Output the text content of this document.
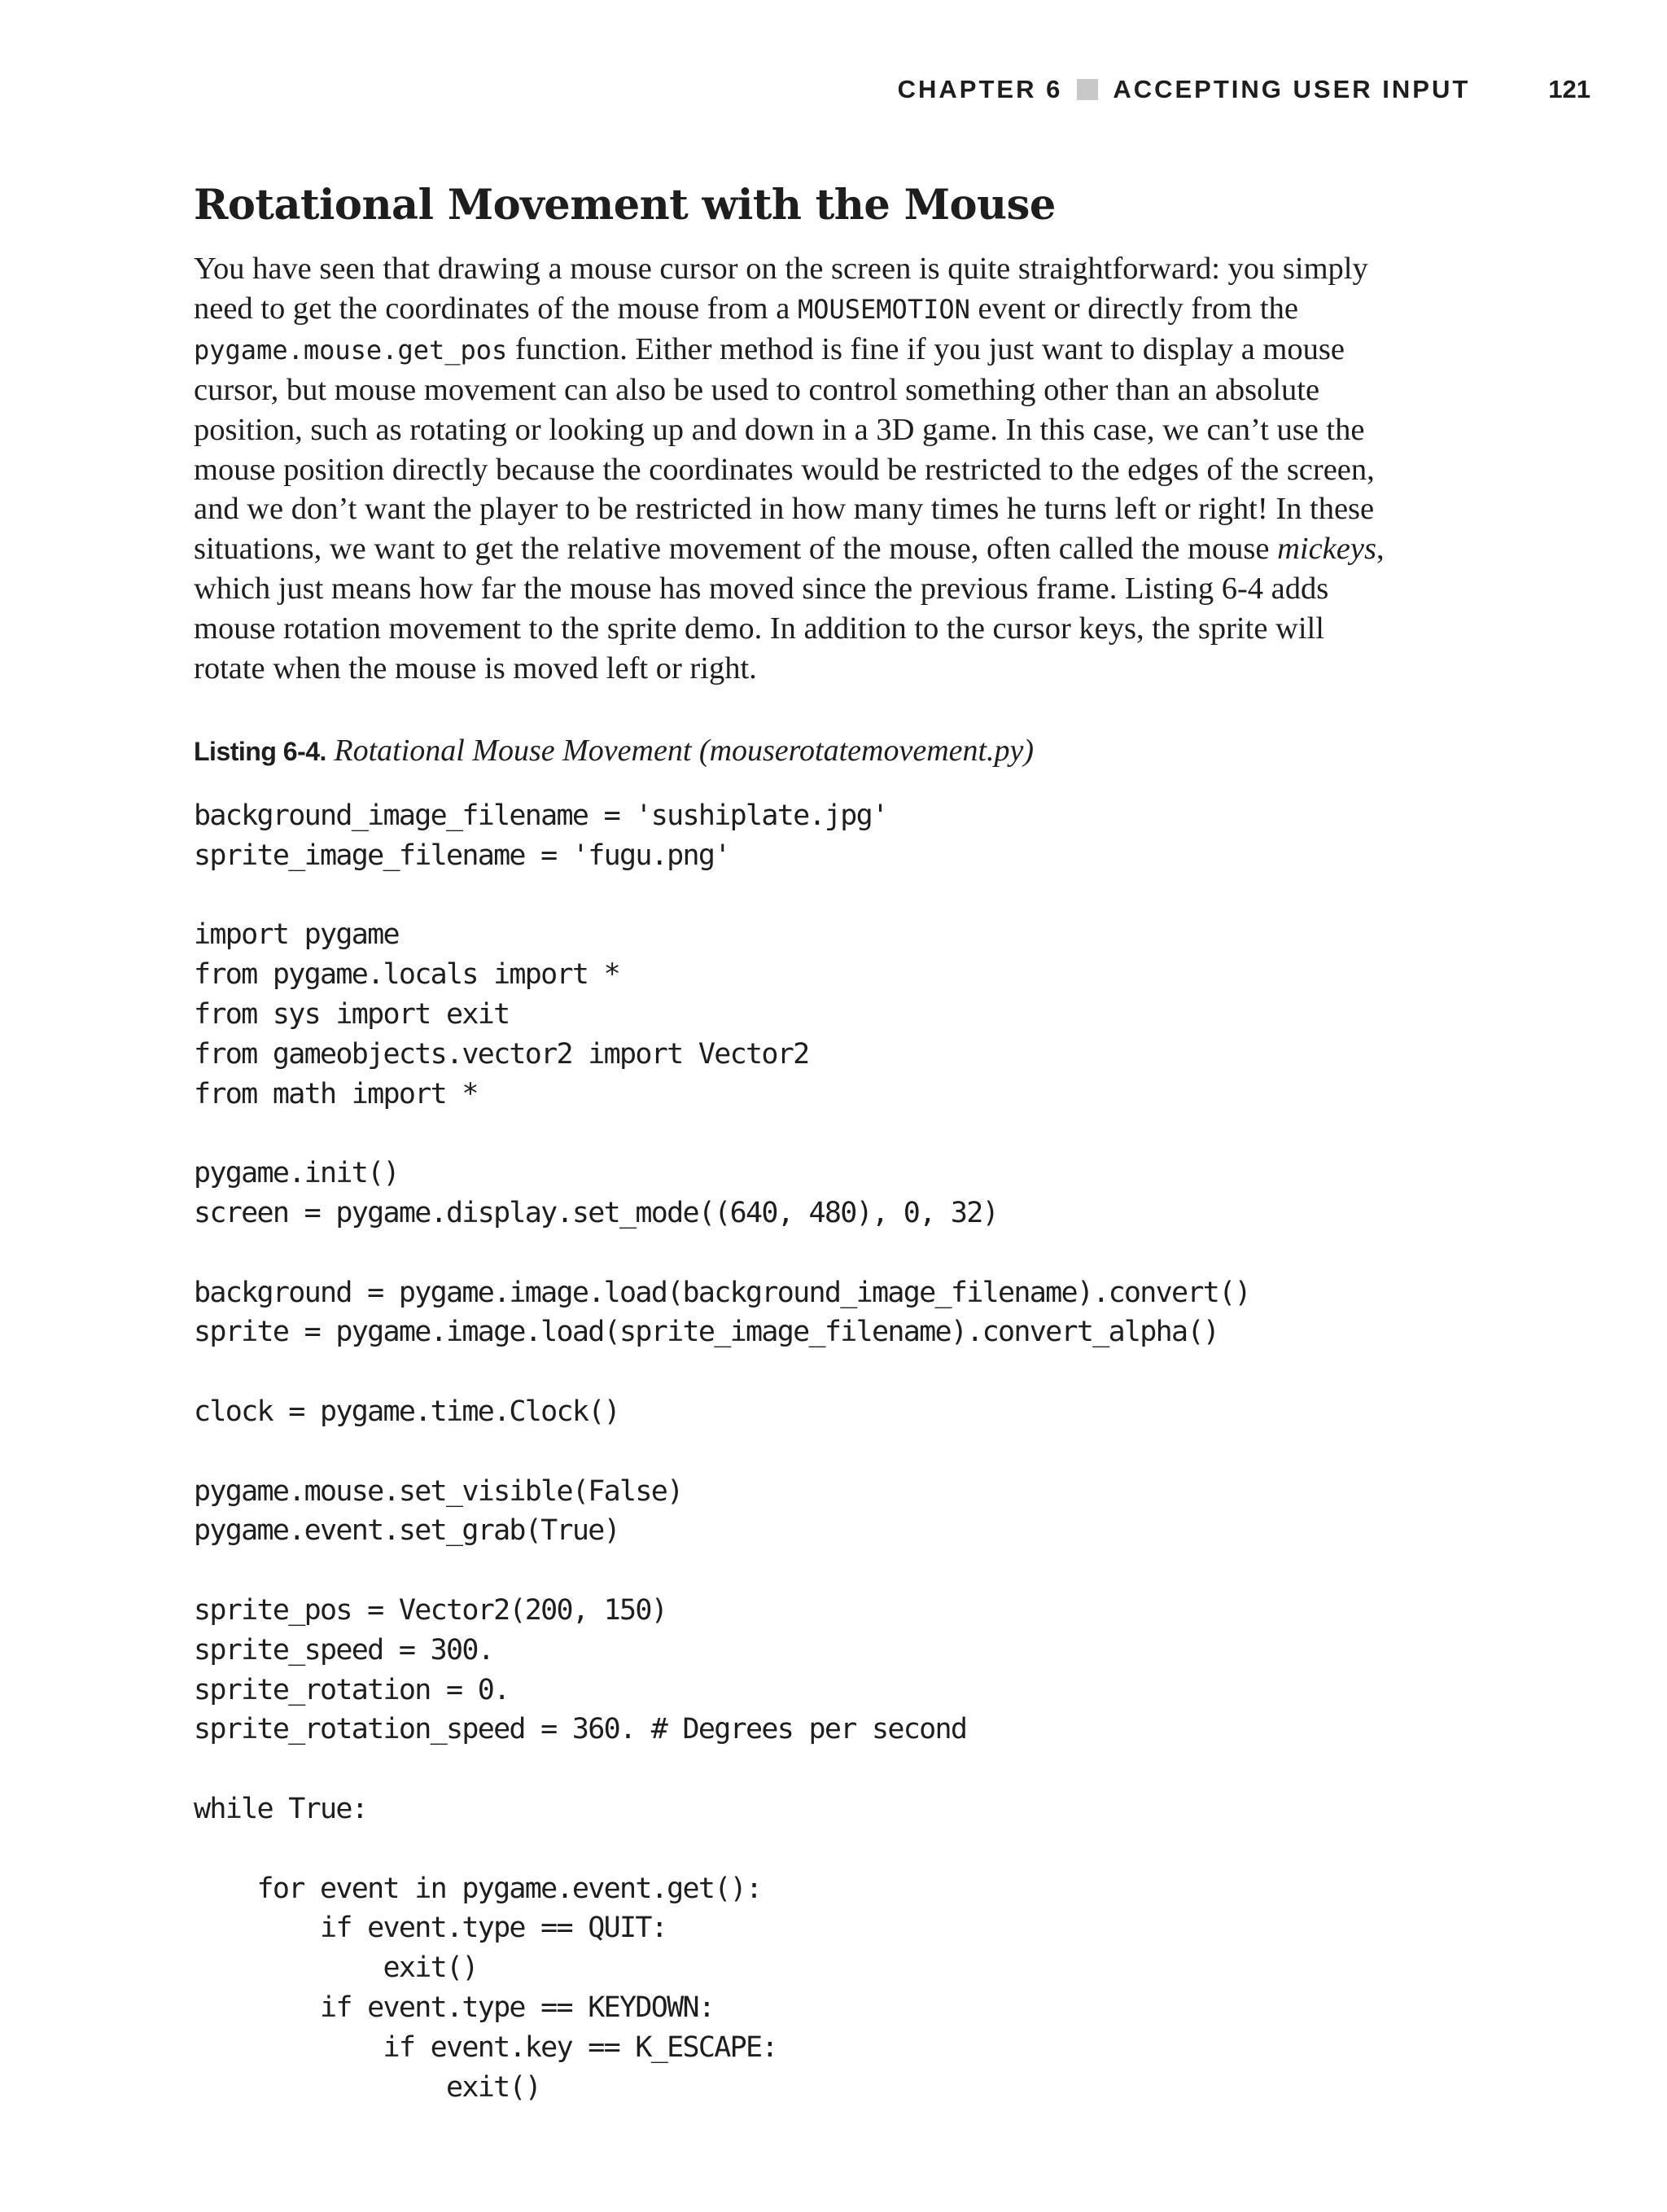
CHAPTER 6 ACCEPTING USER INPUT	121
Rotational Movement with the Mouse

You have seen that drawing a mouse cursor on the screen is quite straightforward: you simply
need to get the coordinates of the mouse from a MOUSEMOTION event or directly from the
pygame.mouse.get_pos function. Either method is fine if you just want to display a mouse
cursor, but mouse movement can also be used to control something other than an absolute
position, such as rotating or looking up and down in a 3D game. In this case, we can’t use the
mouse position directly because the coordinates would be restricted to the edges of the screen,
and we don’t want the player to be restricted in how many times he turns left or right! In these
situations, we want to get the relative movement of the mouse, often called the mouse mickeys,
which just means how far the mouse has moved since the previous frame. Listing 6-4 adds
mouse rotation movement to the sprite demo. In addition to the cursor keys, the sprite will
rotate when the mouse is moved left or right.

Listing 6-4. Rotational Mouse Movement (mouserotatemovement.py)

background_image_filename = 'sushiplate.jpg'
sprite_image_filename = 'fugu.png'
import pygame
from pygame.locals import *
from sys import exit
from gameobjects.vector2 import Vector2
from math import *
pygame.init()
screen = pygame.display.set_mode((640, 480), 0, 32)
background = pygame.image.load(background_image_filename).convert()
sprite = pygame.image.load(sprite_image_filename).convert_alpha()
clock = pygame.time.Clock()
pygame.mouse.set_visible(False)
pygame.event.set_grab(True)
sprite_pos = Vector2(200, 150)
sprite_speed = 300.
sprite_rotation = 0.
sprite_rotation_speed = 360. # Degrees per second
while True:
for event in pygame.event.get():
if event.type == QUIT:
exit()
if event.type == KEYDOWN:
if event.key == K_ESCAPE:
exit()
